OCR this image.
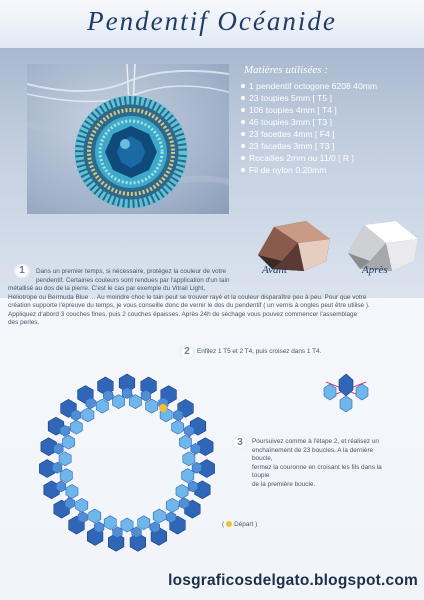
Pendentif Océanide
Matières utilisées :
1 pendentif octogone 6208 40mm
23 toupies 5mm [ T5 ]
106 toupies 4mm [ T4 ]
46 toupies 3mm [ T3 ]
23 facettes 4mm [ F4 ]
23 facettes 3mm [ T3 ]
Rocailles 2mm ou 11/0 [ R ]
Fil de nylon 0.20mm
Avant	Après
1	Dans un premier temps, si nécessaire, protégez la couleur de votre
pendentif. Certaines couleurs sont rendues par l'application d'un tain
métallisé au dos de la pierre. C'est le cas par exemple du Vitrail Light,
Héliotrope ou Bermuda Blue ... Au moindre choc le tain peut se trouver rayé et la couleur disparaître peu à peu. Pour que votre
création supporte l'épreuve du temps, je vous conseille donc de vernir le dos du pendentif ( un vernis à ongles peut être utilisé ).
Appliquez d'abord 3 couches fines, puis 2 couches épaisses. Après 24h de séchage vous pouvez commencer l'assemblage
des perles.
2	Enfilez 1 T5 et 2 T4, puis croisez dans 1 T4.
3	Poursuivez comme à l'étape 2, et réalisez un
enchaînement de 23 boucles. A la dernière boucle,
fermez la couronne en croisant les fils dans la toupie
de la première boucle.
( Départ )
losgraficosdelgato.blogspot.com
